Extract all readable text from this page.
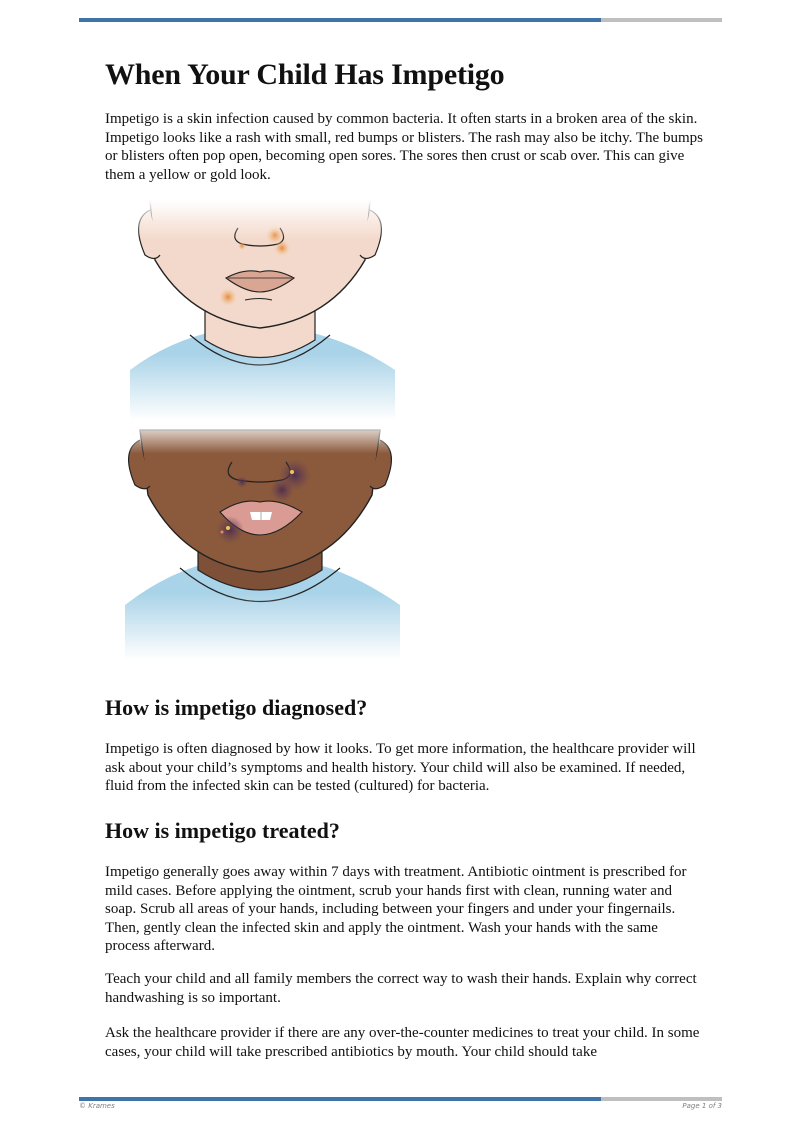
When Your Child Has Impetigo

Impetigo is a skin infection caused by common bacteria. It often starts in a broken area of the skin. Impetigo looks like a rash with small, red bumps or blisters. The rash may also be itchy. The bumps or blisters often pop open, becoming open sores. The sores then crust or scab over. This can give them a yellow or gold look.

How is impetigo diagnosed?

Impetigo is often diagnosed by how it looks. To get more information, the healthcare provider will ask about your child’s symptoms and health history. Your child will also be examined. If needed, fluid from the infected skin can be tested (cultured) for bacteria.

How is impetigo treated?

Impetigo generally goes away within 7 days with treatment. Antibiotic ointment is prescribed for mild cases. Before applying the ointment, scrub your hands first with clean, running water and soap. Scrub all areas of your hands, including between your fingers and under your fingernails. Then, gently clean the infected skin and apply the ointment. Wash your hands with the same process afterward.

Teach your child and all family members the correct way to wash their hands. Explain why correct handwashing is so important.

Ask the healthcare provider if there are any over-the-counter medicines to treat your child. In some cases, your child will take prescribed antibiotics by mouth. Your child should take

© Krames	Page 1 of 3
